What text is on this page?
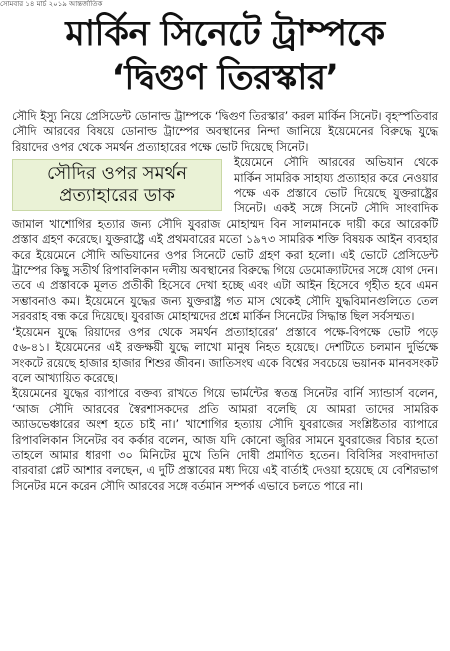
সোমবার ১৪ মার্চ ২০১৯ আন্তর্জাতিক
মার্কিন সিনেটে ট্রাম্পকে
‘দ্বিগুণ তিরস্কার’

সৌদি ইস্যু নিয়ে প্রেসিডেন্ট ডোনাল্ড ট্রাম্পকে ‘দ্বিগুণ তিরস্কার’ করল মার্কিন সিনেট। বৃহস্পতিবার সৌদি আরবের বিষয়ে ডোনাল্ড ট্রাম্পের অবস্থানের নিন্দা জানিয়ে ইয়েমেনের বিরুদ্ধে যুদ্ধে রিয়াদের ওপর থেকে সমর্থন প্রত্যাহারের পক্ষে ভোট দিয়েছে সিনেট।

সৌদির ওপর সমর্থন
প্রত্যাহারের ডাক

ইয়েমেনে সৌদি আরবের অভিযান থেকে মার্কিন সামরিক সাহায্য প্রত্যাহার করে নেওয়ার পক্ষে এক প্রস্তাবে ভোট দিয়েছে যুক্তরাষ্ট্রের সিনেট। একই সঙ্গে সিনেট সৌদি সাংবাদিক জামাল খাশোগির হত্যার জন্য সৌদি যুবরাজ মোহাম্মদ বিন সালমানকে দায়ী করে আরেকটি প্রস্তাব গ্রহণ করেছে। যুক্তরাষ্ট্রে এই প্রথমবারের মতো ১৯৭৩ সামরিক শক্তি বিষয়ক আইন ব্যবহার করে ইয়েমেনে সৌদি অভিযানের ওপর সিনেটে ভোট গ্রহণ করা হলো। এই ভোটে প্রেসিডেন্ট ট্রাম্পের কিছু সতীর্থ রিপাবলিকান দলীয় অবস্থানের বিরুদ্ধে গিয়ে ডেমোক্র্যাটদের সঙ্গে যোগ দেন। তবে এ প্রস্তাবকে মূলত প্রতীকী হিসেবে দেখা হচ্ছে এবং এটা আইন হিসেবে গৃহীত হবে এমন সম্ভাবনাও কম। ইয়েমেনে যুদ্ধের জন্য যুক্তরাষ্ট্র গত মাস থেকেই সৌদি যুদ্ধবিমানগুলিতে তেল সরবরাহ বন্ধ করে দিয়েছে। যুবরাজ মোহাম্মদের প্রশ্নে মার্কিন সিনেটের সিদ্ধান্ত ছিল সর্বসম্মত।

‘ইয়েমেন যুদ্ধে রিয়াদের ওপর থেকে সমর্থন প্রত্যাহারের’ প্রস্তাবে পক্ষে-বিপক্ষে ভোট পড়ে ৫৬-৪১। ইয়েমেনের এই রক্তক্ষয়ী যুদ্ধে লাখো মানুষ নিহত হয়েছে। দেশটিতে চলমান দুর্ভিক্ষে সংকটে রয়েছে হাজার হাজার শিশুর জীবন। জাতিসংঘ একে বিশ্বের সবচেয়ে ভয়ানক মানবসংকট বলে আখ্যায়িত করেছে।

ইয়েমেনের যুদ্ধের ব্যাপারে বক্তব্য রাখতে গিয়ে ভার্মন্টের স্বতন্ত্র সিনেটর বার্নি স্যান্ডার্স বলেন, ‘আজ সৌদি আরবের স্বৈরশাসকদের প্রতি আমরা বলেছি যে আমরা তাদের সামরিক অ্যাডভেঞ্চারের অংশ হতে চাই না।’ খাশোগির হত্যায় সৌদি যুবরাজের সংশ্লিষ্টতার ব্যাপারে রিপাবলিকান সিনেটর বব কর্কার বলেন, আজ যদি কোনো জুরির সামনে যুবরাজের বিচার হতো তাহলে আমার ধারণা ৩০ মিনিটের মুখে তিনি দোষী প্রমাণিত হতেন। বিবিসির সংবাদদাতা বারবারা প্লেট আশার বলছেন, এ দুটি প্রস্তাবের মধ্য দিয়ে এই বার্তাই দেওয়া হয়েছে যে বেশিরভাগ সিনেটর মনে করেন সৌদি আরবের সঙ্গে বর্তমান সম্পর্ক এভাবে চলতে পারে না।
